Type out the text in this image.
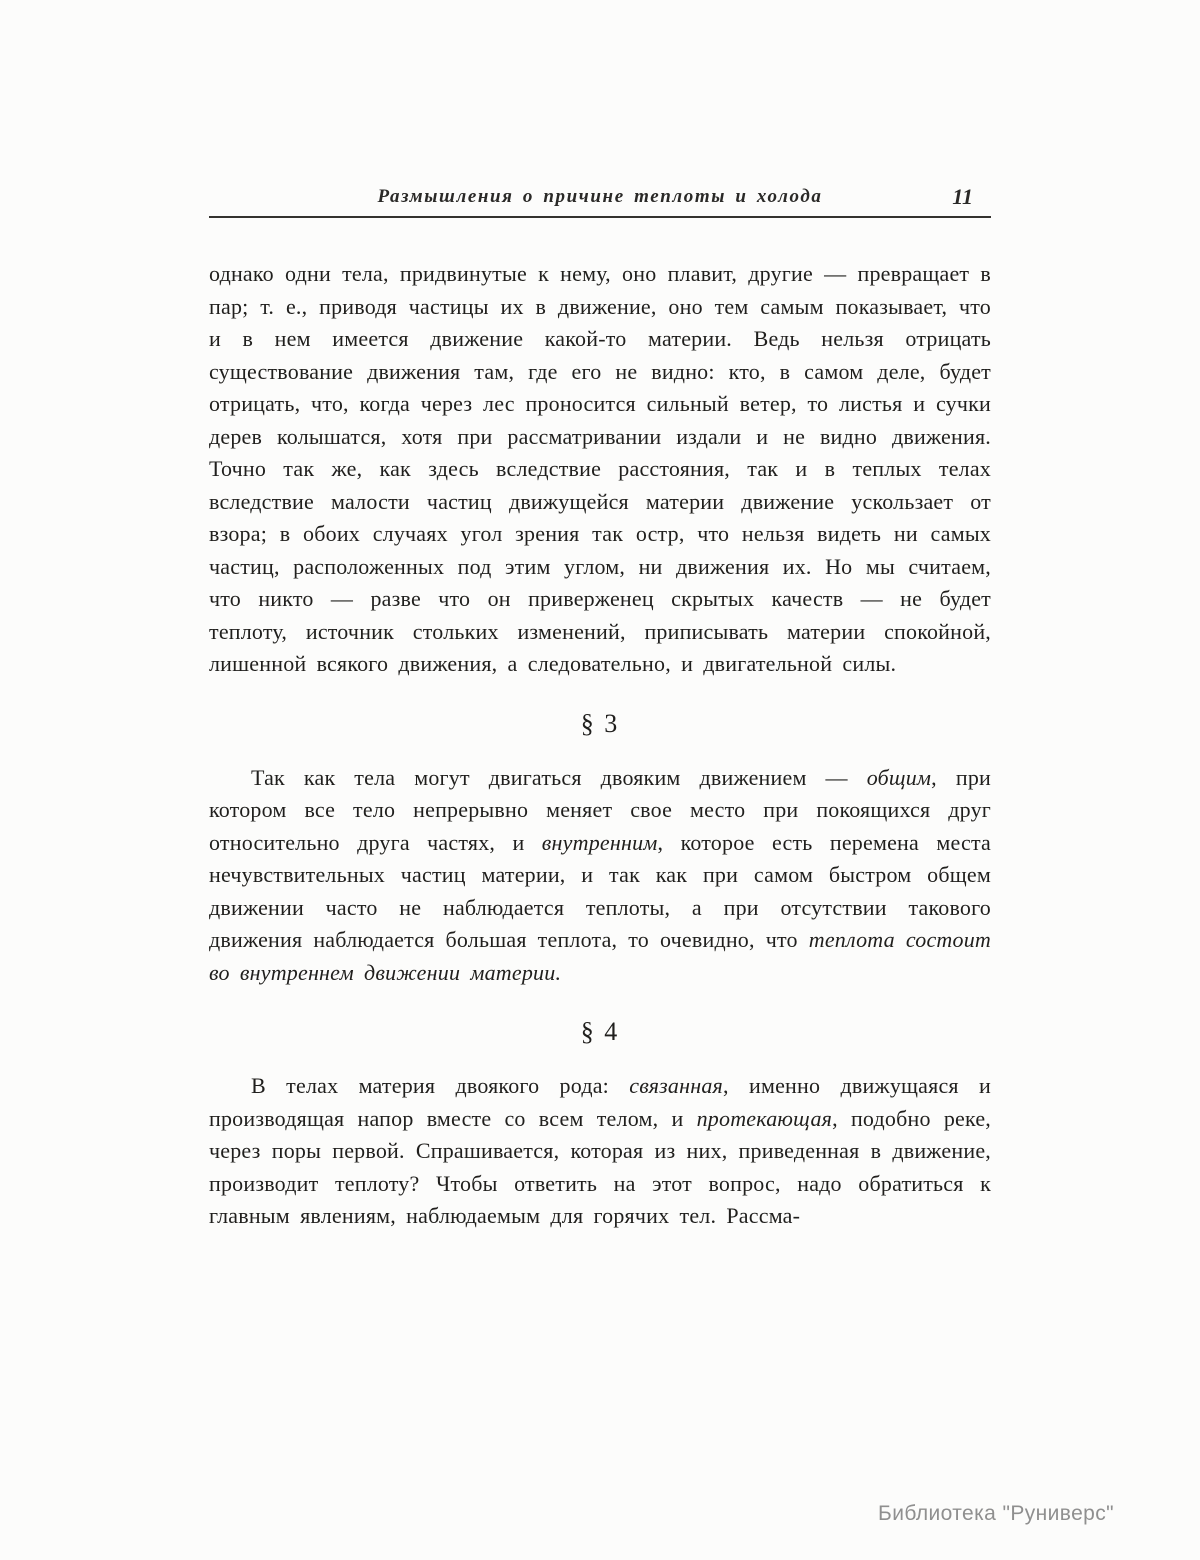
Размышления о причине теплоты и холода	11

однако одни тела, придвинутые к нему, оно плавит, другие — превращает в пар; т. е., приводя частицы их в движение, оно тем самым показывает, что и в нем имеется движение какой-то материи. Ведь нельзя отрицать существование движения там, где его не видно: кто, в самом деле, будет отрицать, что, когда через лес проносится сильный ветер, то листья и сучки дерев колышатся, хотя при рассматривании издали и не видно движения. Точно так же, как здесь вследствие расстояния, так и в теплых телах вследствие малости частиц движущейся материи движение ускользает от взора; в обоих случаях угол зрения так остр, что нельзя видеть ни самых частиц, расположенных под этим углом, ни движения их. Но мы считаем, что никто — разве что он приверженец скрытых качеств — не будет теплоту, источник стольких изменений, приписывать материи спокойной, лишенной всякого движения, а следовательно, и двигательной силы.

§ 3

Так как тела могут двигаться двояким движением — общим, при котором все тело непрерывно меняет свое место при покоящихся друг относительно друга частях, и внутренним, которое есть перемена места нечувствительных частиц материи, и так как при самом быстром общем движении часто не наблюдается теплоты, а при отсутствии такового движения наблюдается большая теплота, то очевидно, что теплота состоит во внутреннем движении материи.

§ 4

В телах материя двоякого рода: связанная, именно движущаяся и производящая напор вместе со всем телом, и протекающая, подобно реке, через поры первой. Спрашивается, которая из них, приведенная в движение, производит теплоту? Чтобы ответить на этот вопрос, надо обратиться к главным явлениям, наблюдаемым для горячих тел. Рассма-

Библиотека "Руниверс"
